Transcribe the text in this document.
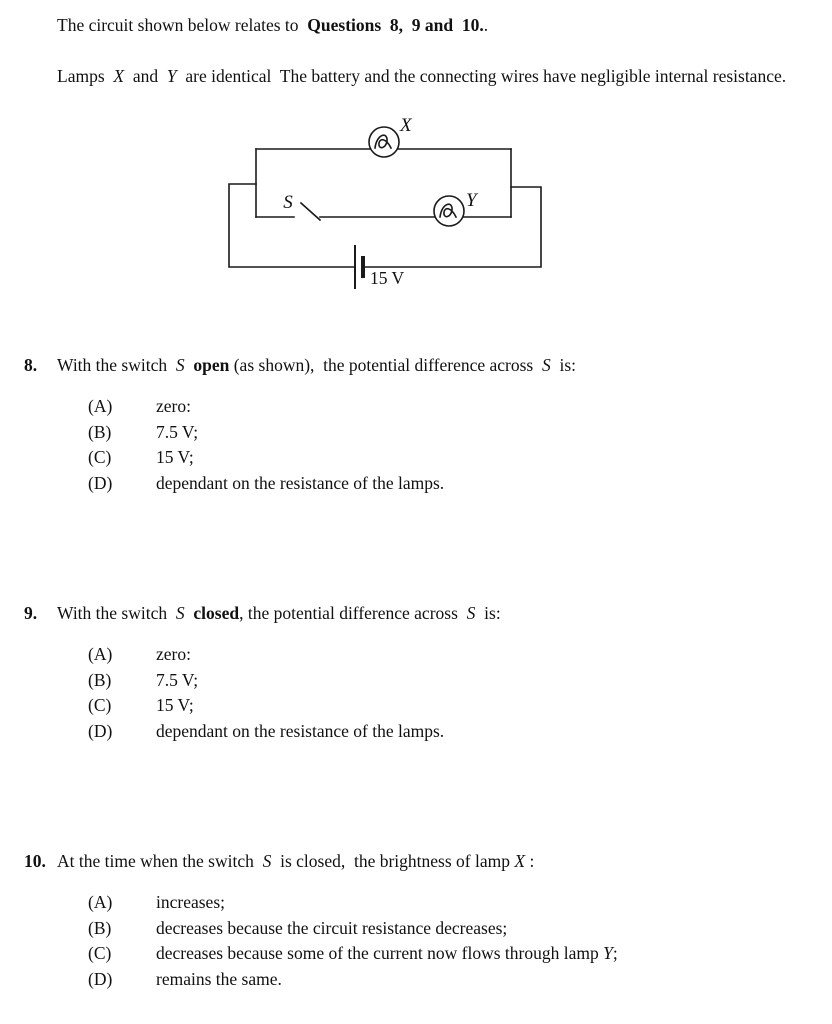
The circuit shown below relates to  Questions  8,  9 and  10..

Lamps  X  and  Y  are identical  The battery and the connecting wires have negligible internal resistance.

X
Y
S
15 V
8.	With the switch  S open (as shown),  the potential difference across  S  is:
(A)	zero:
(B)	7.5 V;
(C)	15 V;
(D)	dependant on the resistance of the lamps.
9.	With the switch  S closed, the potential difference across  S  is:
(A)	zero:
(B)	7.5 V;
(C)	15 V;
(D)	dependant on the resistance of the lamps.
10. At the time when the switch  S  is closed,  the brightness of lamp X :
(A)	increases;
(B)	decreases because the circuit resistance decreases;
(C)	decreases because some of the current now flows through lamp Y;
(D)	remains the same.
